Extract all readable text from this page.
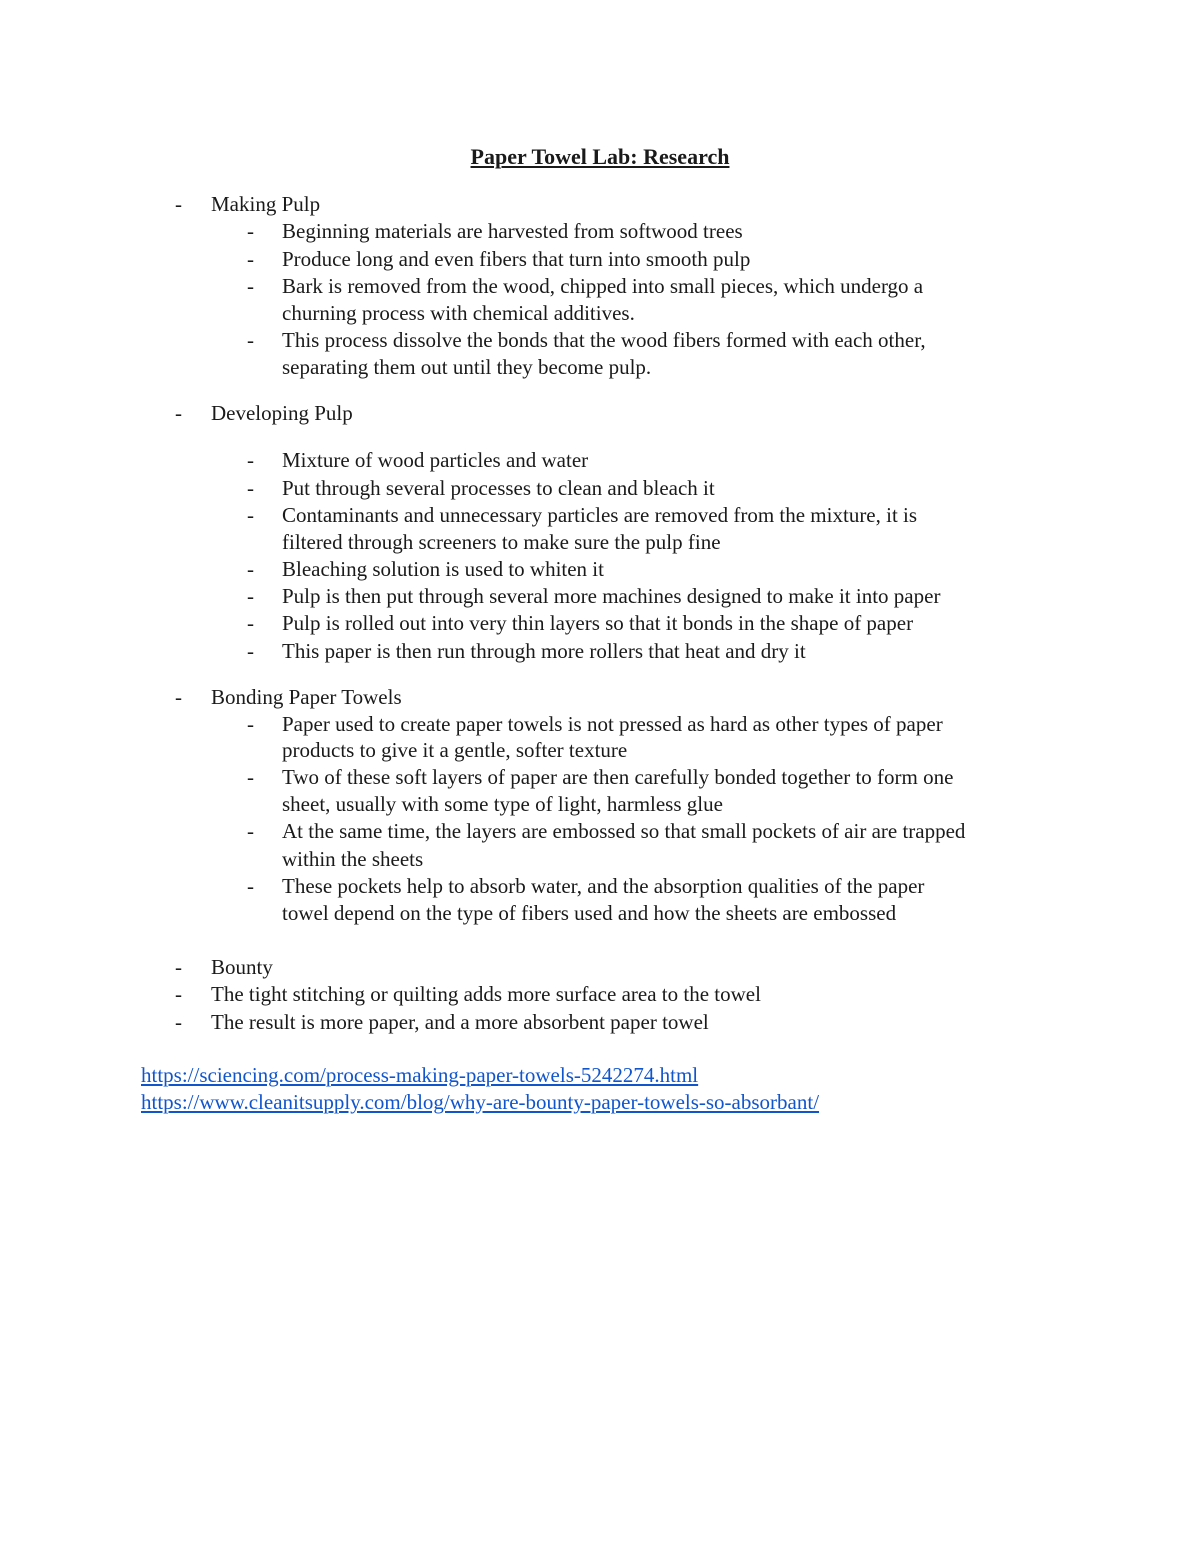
Paper Towel Lab: Research
- Making Pulp
- Beginning materials are harvested from softwood trees
- Produce long and even fibers that turn into smooth pulp
- Bark is removed from the wood, chipped into small pieces, which undergo a
churning process with chemical additives.
- This process dissolve the bonds that the wood fibers formed with each other,
separating them out until they become pulp.
- Developing Pulp
- Mixture of wood particles and water
- Put through several processes to clean and bleach it
- Contaminants and unnecessary particles are removed from the mixture, it is
filtered through screeners to make sure the pulp fine
- Bleaching solution is used to whiten it
- Pulp is then put through several more machines designed to make it into paper
- Pulp is rolled out into very thin layers so that it bonds in the shape of paper
- This paper is then run through more rollers that heat and dry it
- Bonding Paper Towels
- Paper used to create paper towels is not pressed as hard as other types of paper
products to give it a gentle, softer texture
- Two of these soft layers of paper are then carefully bonded together to form one
sheet, usually with some type of light, harmless glue
- At the same time, the layers are embossed so that small pockets of air are trapped
within the sheets
- These pockets help to absorb water, and the absorption qualities of the paper
towel depend on the type of fibers used and how the sheets are embossed
- Bounty
- The tight stitching or quilting adds more surface area to the towel
- The result is more paper, and a more absorbent paper towel
https://sciencing.com/process-making-paper-towels-5242274.html
https://www.cleanitsupply.com/blog/why-are-bounty-paper-towels-so-absorbant/
